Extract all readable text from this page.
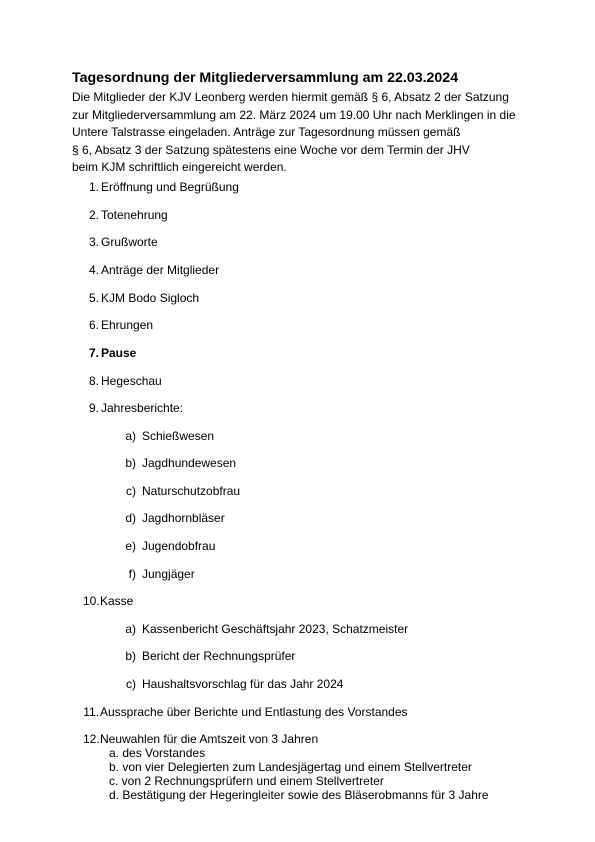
Tagesordnung der Mitgliederversammlung am 22.03.2024
Die Mitglieder der KJV Leonberg werden hiermit gemäß § 6, Absatz 2 der Satzung
zur Mitgliederversammlung am 22. März 2024 um 19.00 Uhr nach Merklingen in die
Untere Talstrasse eingeladen. Anträge zur Tagesordnung müssen gemäß
§ 6, Absatz 3 der Satzung spätestens eine Woche vor dem Termin der JHV
beim KJM schriftlich eingereicht werden.
1. Eröffnung und Begrüßung
2. Totenehrung
3. Grußworte
4. Anträge der Mitglieder
5. KJM Bodo Sigloch
6. Ehrungen
7. Pause
8. Hegeschau
9. Jahresberichte:
a) Schießwesen
b) Jagdhundewesen
c) Naturschutzobfrau
d) Jagdhornbläser
e) Jugendobfrau
f) Jungjäger
10. Kasse
a) Kassenbericht Geschäftsjahr 2023, Schatzmeister
b) Bericht der Rechnungsprüfer
c) Haushaltsvorschlag für das Jahr 2024
11. Aussprache über Berichte und Entlastung des Vorstandes
12. Neuwahlen für die Amtszeit von 3 Jahren
a. des Vorstandes
b. von vier Delegierten zum Landesjägertag und einem Stellvertreter
c. von 2 Rechnungsprüfern und einem Stellvertreter
d. Bestätigung der Hegeringleiter sowie des Bläserobmanns für 3 Jahre
